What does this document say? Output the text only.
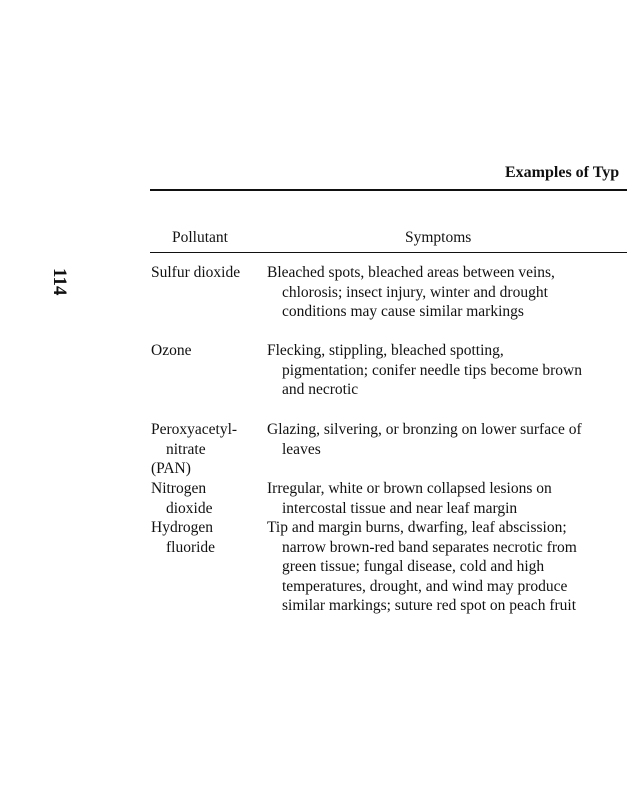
114
Examples of Typ
Pollutant	Symptoms
Sulfur dioxide Bleached spots, bleached areas between veins,
chlorosis; insect injury, winter and drought
conditions may cause similar markings
Ozone	Flecking, stippling, bleached spotting,
pigmentation; conifer needle tips become brown
and necrotic
Peroxyacetyl-
nitrate
(PAN)
Glazing, silvering, or bronzing on lower surface of
leaves
Nitrogen
dioxide
Irregular, white or brown collapsed lesions on
intercostal tissue and near leaf margin
Hydrogen
fluoride
Tip and margin burns, dwarfing, leaf abscission;
narrow brown-red band separates necrotic from
green tissue; fungal disease, cold and high
temperatures, drought, and wind may produce
similar markings; suture red spot on peach fruit
